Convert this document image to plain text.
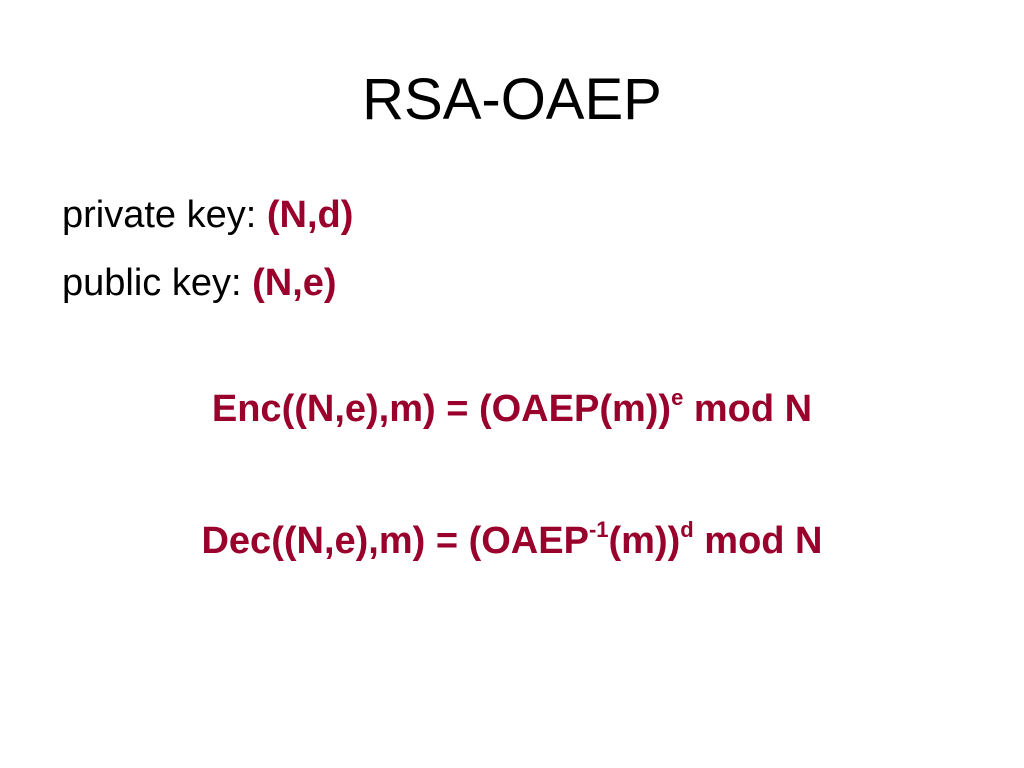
RSA-OAEP
private key: (N,d)
public key: (N,e)
Enc((N,e),m) = (OAEP(m))$^e$ mod N
$Dec((N,e),m) = (OAEP^{-1}(m))^d$ mod N
